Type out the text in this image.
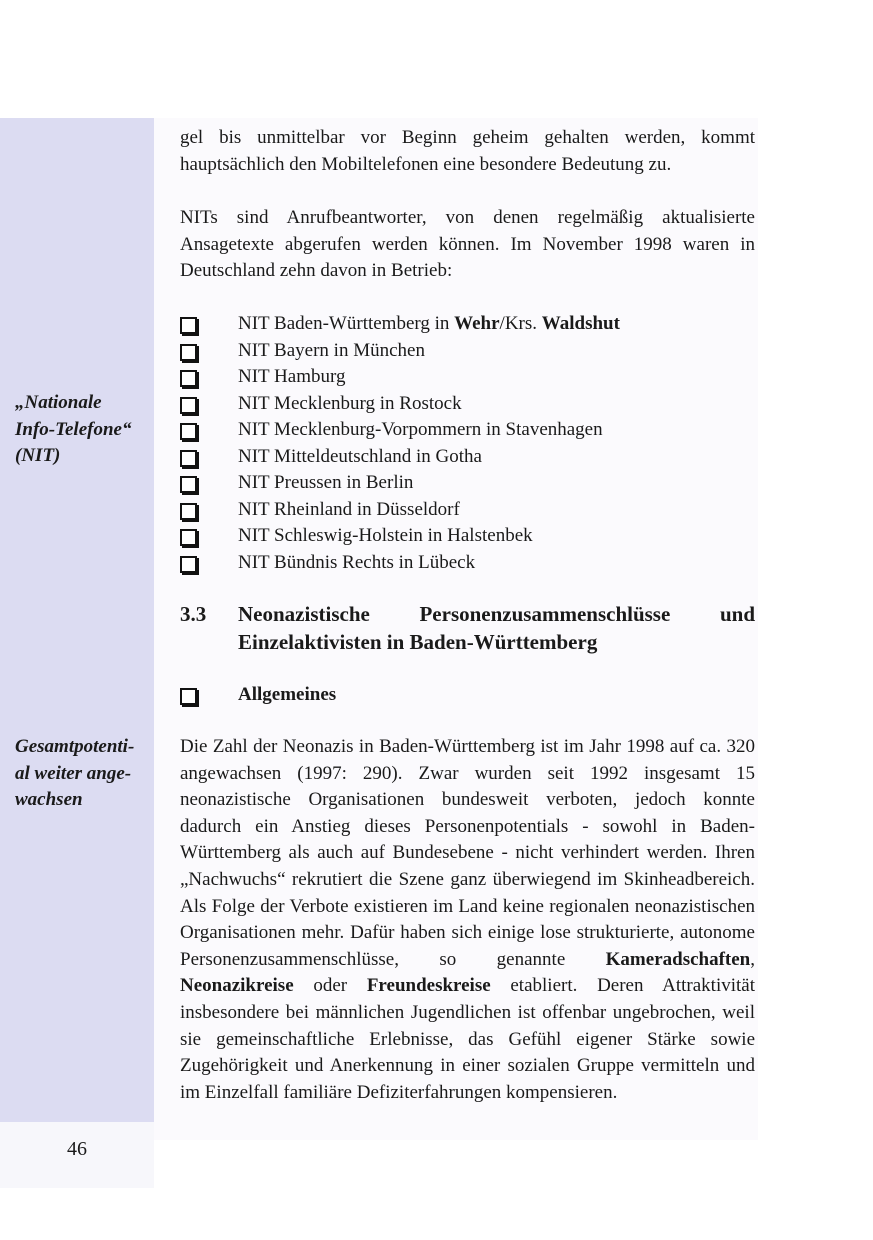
„Nationale
Info-Telefone“
(NIT)
Gesamtpotenti-
al weiter ange-
wachsen

gel bis unmittelbar vor Beginn geheim gehalten werden, kommt hauptsächlich den Mobiltelefonen eine besondere Bedeutung zu.

NITs sind Anrufbeantworter, von denen regelmäßig aktualisierte Ansagetexte abgerufen werden können. Im November 1998 waren in Deutschland zehn davon in Betrieb:

NIT Baden-Württemberg in Wehr/Krs. Waldshut
NIT Bayern in München
NIT Hamburg
NIT Mecklenburg in Rostock
NIT Mecklenburg-Vorpommern in Stavenhagen
NIT Mitteldeutschland in Gotha
NIT Preussen in Berlin
NIT Rheinland in Düsseldorf
NIT Schleswig-Holstein in Halstenbek
NIT Bündnis Rechts in Lübeck
3.3 Neonazistische Personenzusammenschlüsse und Einzelaktivisten in Baden-Württemberg
Allgemeines

Die Zahl der Neonazis in Baden-Württemberg ist im Jahr 1998 auf ca. 320 angewachsen (1997: 290). Zwar wurden seit 1992 insgesamt 15 neonazistische Organisationen bundesweit verboten, jedoch konnte dadurch ein Anstieg dieses Personenpotentials - sowohl in Baden-Württemberg als auch auf Bundesebene - nicht verhindert werden. Ihren „Nachwuchs“ rekrutiert die Szene ganz überwiegend im Skinheadbereich. Als Folge der Verbote existieren im Land keine regionalen neonazistischen Organisationen mehr. Dafür haben sich einige lose strukturierte, autonome Personenzusammenschlüsse, so genannte Kameradschaften, Neonazikreise oder Freundeskreise etabliert. Deren Attraktivität insbesondere bei männlichen Jugendlichen ist offenbar ungebrochen, weil sie gemeinschaftliche Erlebnisse, das Gefühl eigener Stärke sowie Zugehörigkeit und Anerkennung in einer sozialen Gruppe vermitteln und im Einzelfall familiäre Defiziterfahrungen kompensieren.

46
